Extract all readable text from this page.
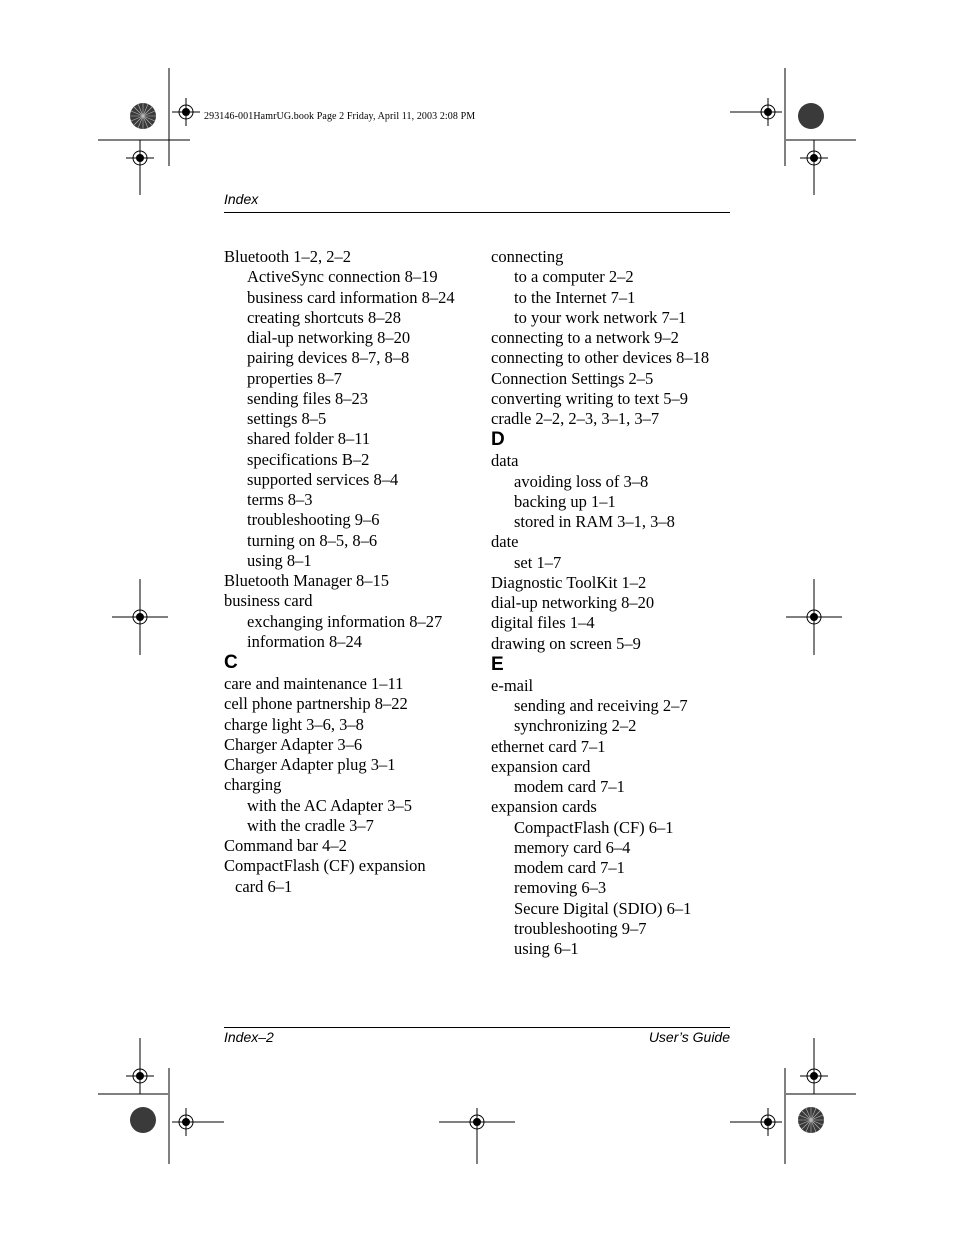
293146-001HamrUG.book Page 2 Friday, April 11, 2003 2:08 PM
Index
Bluetooth 1–2, 2–2
ActiveSync connection 8–19
business card information 8–24
creating shortcuts 8–28
dial-up networking 8–20
pairing devices 8–7, 8–8
properties 8–7
sending files 8–23
settings 8–5
shared folder 8–11
specifications B–2
supported services 8–4
terms 8–3
troubleshooting 9–6
turning on 8–5, 8–6
using 8–1
Bluetooth Manager 8–15
business card
exchanging information 8–27
information 8–24
C
care and maintenance 1–11
cell phone partnership 8–22
charge light 3–6, 3–8
Charger Adapter 3–6
Charger Adapter plug 3–1
charging
with the AC Adapter 3–5
with the cradle 3–7
Command bar 4–2
CompactFlash (CF) expansion
card 6–1
connecting
to a computer 2–2
to the Internet 7–1
to your work network 7–1
connecting to a network 9–2
connecting to other devices 8–18
Connection Settings 2–5
converting writing to text 5–9
cradle 2–2, 2–3, 3–1, 3–7
D
data
avoiding loss of 3–8
backing up 1–1
stored in RAM 3–1, 3–8
date
set 1–7
Diagnostic ToolKit 1–2
dial-up networking 8–20
digital files 1–4
drawing on screen 5–9
E
e-mail
sending and receiving 2–7
synchronizing 2–2
ethernet card 7–1
expansion card
modem card 7–1
expansion cards
CompactFlash (CF) 6–1
memory card 6–4
modem card 7–1
removing 6–3
Secure Digital (SDIO) 6–1
troubleshooting 9–7
using 6–1
Index–2	User’s Guide
